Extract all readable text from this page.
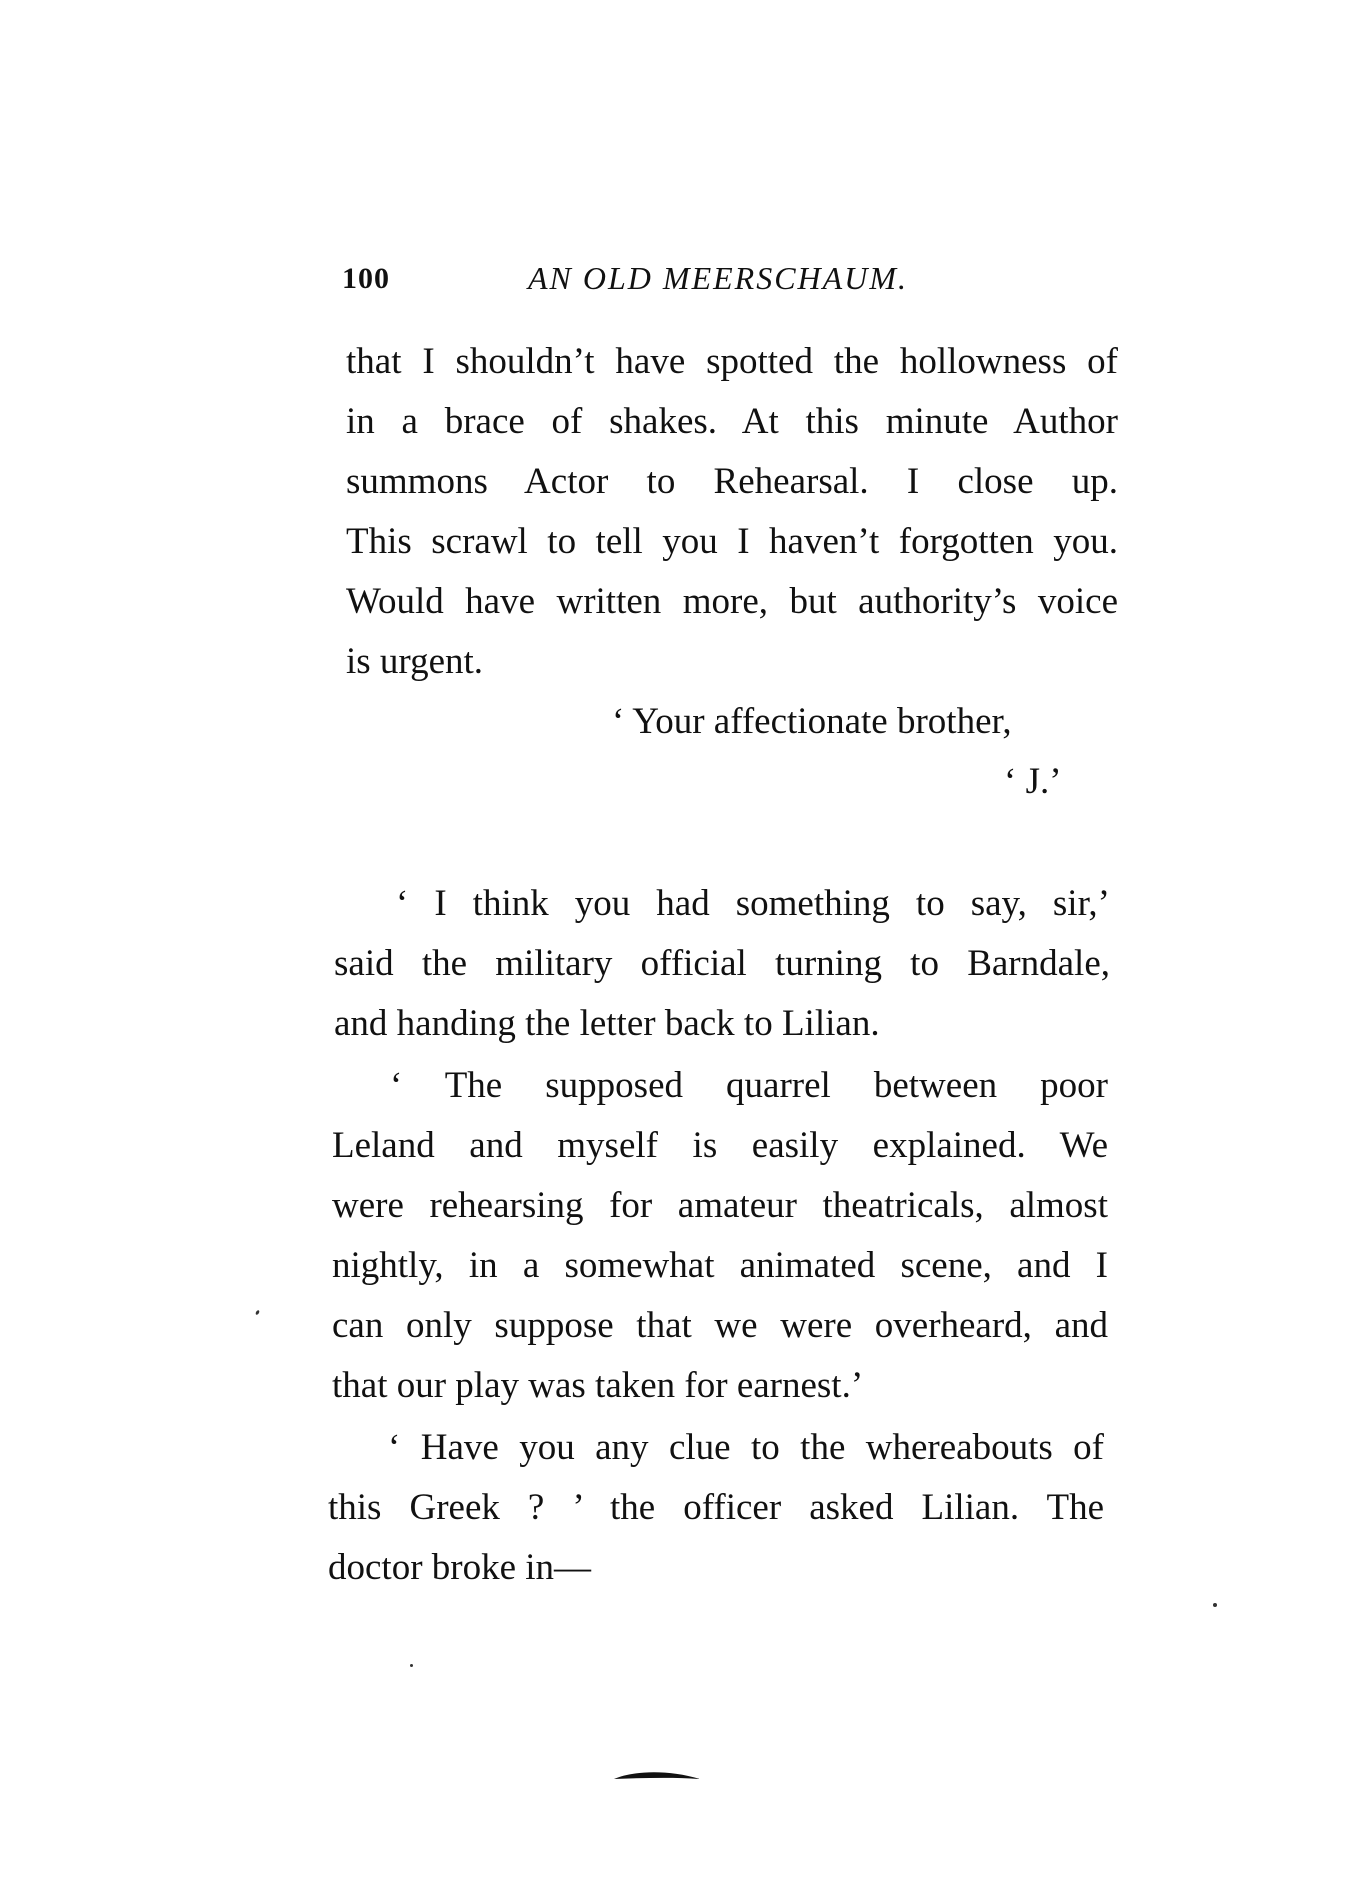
100	AN OLD MEERSCHAUM.
that I shouldn’t have spotted the hollowness of
in a brace of shakes. At this minute Author
summons Actor to Rehearsal. I close up.
This scrawl to tell you I haven’t forgotten you.
Would have written more, but authority’s voice
is urgent.
‘ Your affectionate brother,
‘ J.’
‘ I think you had something to say, sir,’
said the military official turning to Barndale,
and handing the letter back to Lilian.
‘ The supposed quarrel between poor
Leland and myself is easily explained. We
were rehearsing for amateur theatricals, almost
nightly, in a somewhat animated scene, and I
can only suppose that we were overheard, and
that our play was taken for earnest.’
‘ Have you any clue to the whereabouts of
this Greek ? ’ the officer asked Lilian. The
doctor broke in—
